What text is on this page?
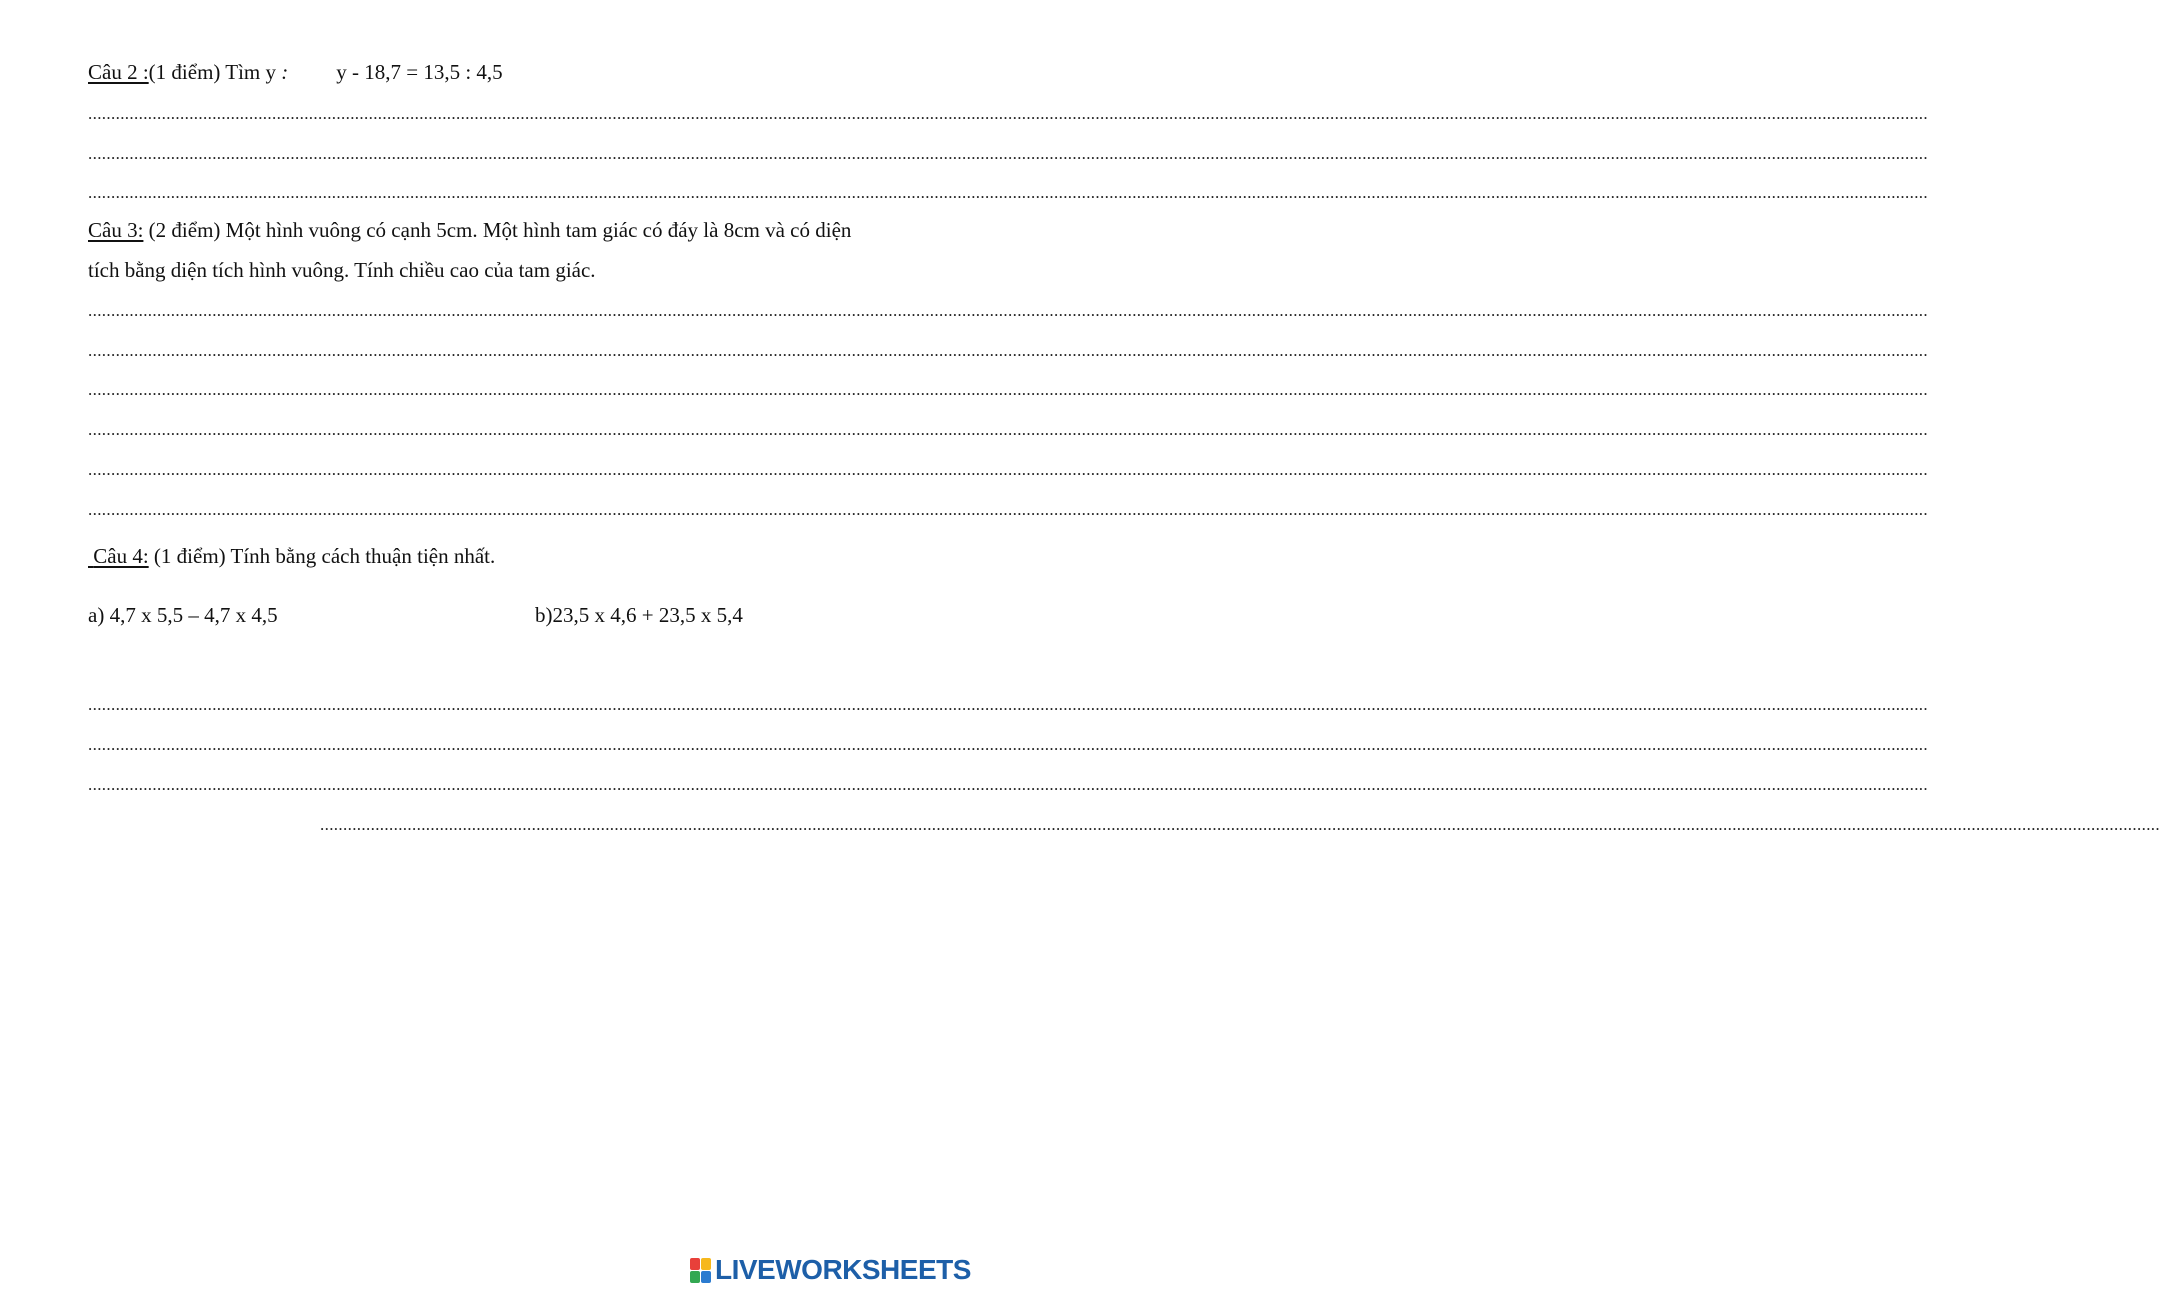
Câu 2 :(1 điểm) Tìm y : y - 18,7 = 13,5 : 4,5
................................................................................................................................................................................................................................................................................................................................................................................................................
................................................................................................................................................................................................................................................................................................................................................................................................................
................................................................................................................................................................................................................................................................................................................................................................................................................
Câu 3: (2 điểm) Một hình vuông có cạnh 5cm. Một hình tam giác có đáy là 8cm và có diện
tích bằng diện tích hình vuông. Tính chiều cao của tam giác.
................................................................................................................................................................................................................................................................................................................................................................................................................
................................................................................................................................................................................................................................................................................................................................................................................................................
................................................................................................................................................................................................................................................................................................................................................................................................................
................................................................................................................................................................................................................................................................................................................................................................................................................
................................................................................................................................................................................................................................................................................................................................................................................................................
................................................................................................................................................................................................................................................................................................................................................................................................................
Câu 4: (1 điểm) Tính bằng cách thuận tiện nhất.
a) 4,7 x 5,5 – 4,7 x 4,5	b)23,5 x 4,6 + 23,5 x 5,4
................................................................................................................................................................................................................................................................................................................................................................................................................
................................................................................................................................................................................................................................................................................................................................................................................................................
................................................................................................................................................................................................................................................................................................................................................................................................................
................................................................................................................................................................................................................................................................................................................................................................................................................
LIVEWORKSHEETS
